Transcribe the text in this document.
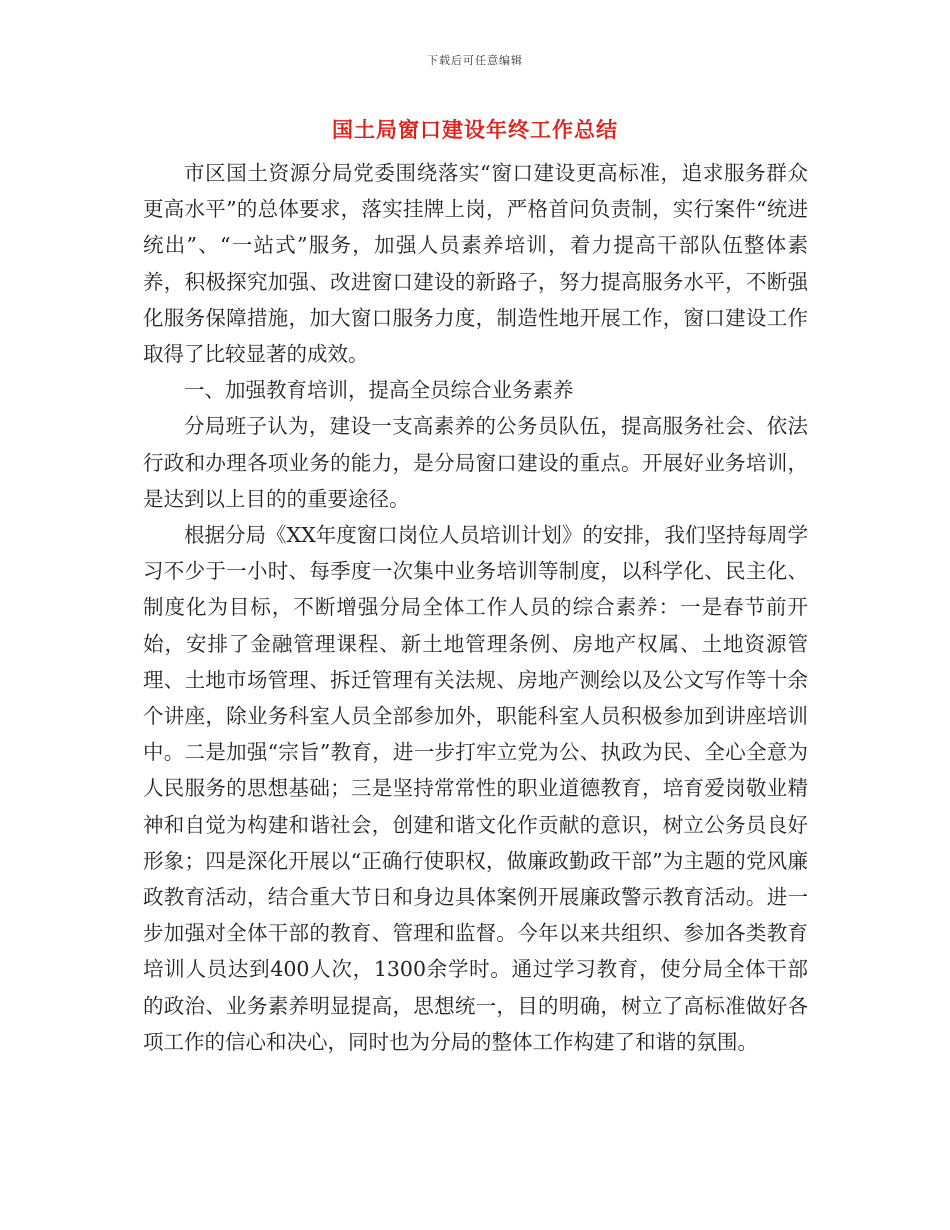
下载后可任意编辑
国土局窗口建设年终工作总结

市区国土资源分局党委围绕落实“窗口建设更高标准，追求服务群众更高水平”的总体要求，落实挂牌上岗，严格首问负责制，实行案件“统进统出”、“一站式”服务，加强人员素养培训，着力提高干部队伍整体素养，积极探究加强、改进窗口建设的新路子，努力提高服务水平，不断强化服务保障措施，加大窗口服务力度，制造性地开展工作，窗口建设工作取得了比较显著的成效。

一、加强教育培训，提高全员综合业务素养

分局班子认为，建设一支高素养的公务员队伍，提高服务社会、依法行政和办理各项业务的能力，是分局窗口建设的重点。开展好业务培训，是达到以上目的的重要途径。

根据分局《XX年度窗口岗位人员培训计划》的安排，我们坚持每周学习不少于一小时、每季度一次集中业务培训等制度，以科学化、民主化、制度化为目标，不断增强分局全体工作人员的综合素养：一是春节前开始，安排了金融管理课程、新土地管理条例、房地产权属、土地资源管理、土地市场管理、拆迁管理有关法规、房地产测绘以及公文写作等十余个讲座，除业务科室人员全部参加外，职能科室人员积极参加到讲座培训中。二是加强“宗旨”教育，进一步打牢立党为公、执政为民、全心全意为人民服务的思想基础；三是坚持常常性的职业道德教育，培育爱岗敬业精神和自觉为构建和谐社会，创建和谐文化作贡献的意识，树立公务员良好形象；四是深化开展以“正确行使职权，做廉政勤政干部”为主题的党风廉政教育活动，结合重大节日和身边具体案例开展廉政警示教育活动。进一步加强对全体干部的教育、管理和监督。今年以来共组织、参加各类教育培训人员达到400人次，1300余学时。通过学习教育，使分局全体干部的政治、业务素养明显提高，思想统一，目的明确，树立了高标准做好各项工作的信心和决心，同时也为分局的整体工作构建了和谐的氛围。
